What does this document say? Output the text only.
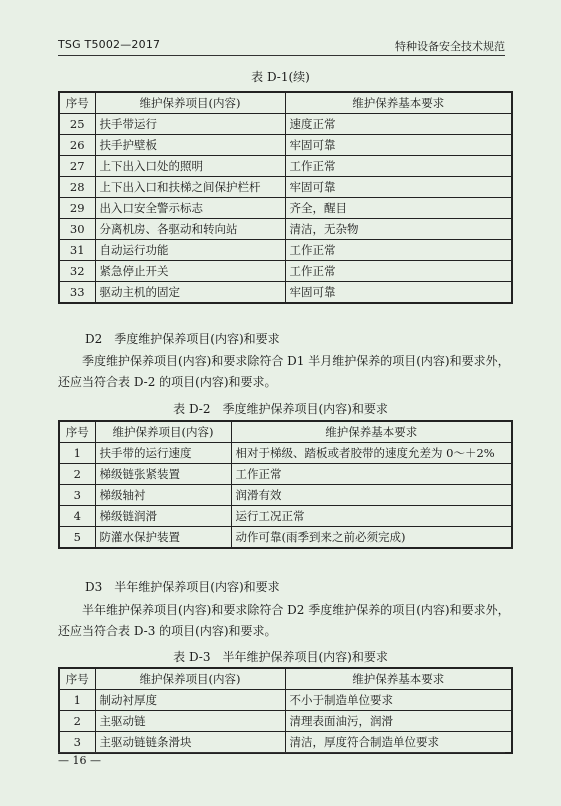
TSG T5002—2017	特种设备安全技术规范
表 D-1(续)
序号	维护保养项目(内容)	维护保养基本要求
25	扶手带运行	速度正常
26	扶手护壁板	牢固可靠
27	上下出入口处的照明	工作正常
28	上下出入口和扶梯之间保护栏杆	牢固可靠
29	出入口安全警示标志	齐全，醒目
30	分离机房、各驱动和转向站	清洁，无杂物
31	自动运行功能	工作正常
32	紧急停止开关	工作正常
33	驱动主机的固定	牢固可靠
D2　季度维护保养项目(内容)和要求
季度维护保养项目(内容)和要求除符合 D1 半月维护保养的项目(内容)和要求外，还应当符合表 D-2 的项目(内容)和要求。
表 D-2　季度维护保养项目(内容)和要求
序号	维护保养项目(内容)	维护保养基本要求
1	扶手带的运行速度	相对于梯级、踏板或者胶带的速度允差为 0～＋2%
2	梯级链张紧装置	工作正常
3	梯级轴衬	润滑有效
4	梯级链润滑	运行工况正常
5	防灌水保护装置	动作可靠(雨季到来之前必须完成)
D3　半年维护保养项目(内容)和要求
半年维护保养项目(内容)和要求除符合 D2 季度维护保养的项目(内容)和要求外，还应当符合表 D-3 的项目(内容)和要求。
表 D-3　半年维护保养项目(内容)和要求
序号	维护保养项目(内容)	维护保养基本要求
1	制动衬厚度	不小于制造单位要求
2	主驱动链	清理表面油污，润滑
3	主驱动链链条滑块	清洁，厚度符合制造单位要求
— 16 —
